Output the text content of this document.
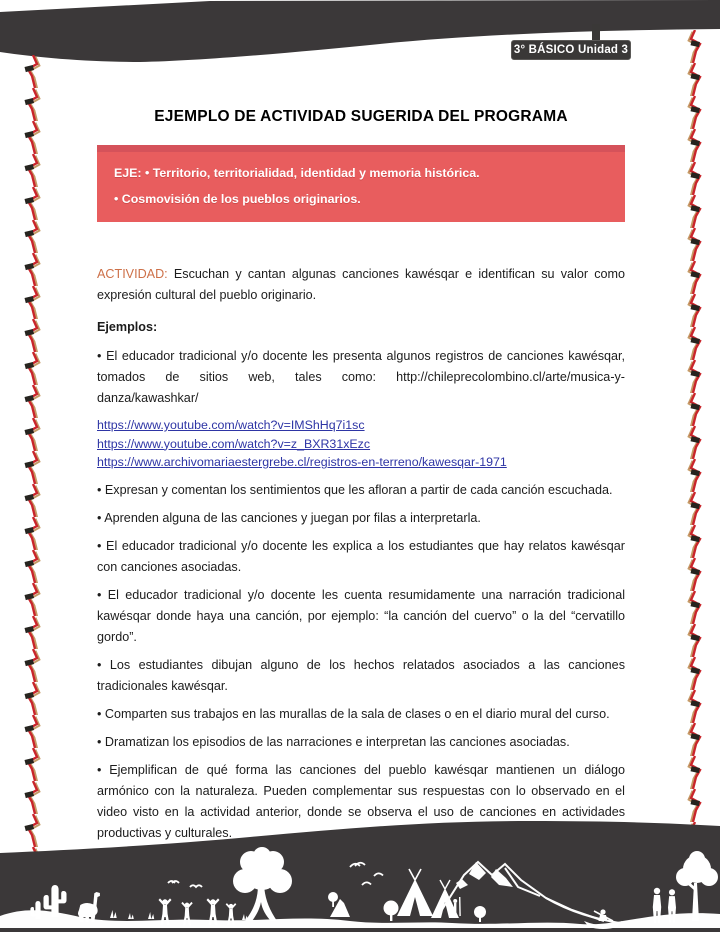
3° BÁSICO Unidad 3
EJEMPLO DE ACTIVIDAD SUGERIDA DEL PROGRAMA

EJE: • Territorio, territorialidad, identidad y memoria histórica.

• Cosmovisión de los pueblos originarios.

ACTIVIDAD: Escuchan y cantan algunas canciones kawésqar e identifican su valor como expresión cultural del pueblo originario.

Ejemplos:

• El educador tradicional y/o docente les presenta algunos registros de canciones kawésqar, tomados de sitios web, tales como: http://chileprecolombino.cl/arte/musica-y-danza/kawashkar/

https://www.youtube.com/watch?v=IMShHq7i1sc
https://www.youtube.com/watch?v=z_BXR31xEzc
https://www.archivomariaestergrebe.cl/registros-en-terreno/kawesqar-1971

• Expresan y comentan los sentimientos que les afloran a partir de cada canción escuchada.

• Aprenden alguna de las canciones y juegan por filas a interpretarla.

• El educador tradicional y/o docente les explica a los estudiantes que hay relatos kawésqar con canciones asociadas.

• El educador tradicional y/o docente les cuenta resumidamente una narración tradicional kawésqar donde haya una canción, por ejemplo: “la canción del cuervo” o la del “cervatillo gordo”.

• Los estudiantes dibujan alguno de los hechos relatados asociados a las canciones tradicionales kawésqar.

• Comparten sus trabajos en las murallas de la sala de clases o en el diario mural del curso.

• Dramatizan los episodios de las narraciones e interpretan las canciones asociadas.

• Ejemplifican de qué forma las canciones del pueblo kawésqar mantienen un diálogo armónico con la naturaleza. Pueden complementar sus respuestas con lo observado en el video visto en la actividad anterior, donde se observa el uso de canciones en actividades productivas y culturales.
